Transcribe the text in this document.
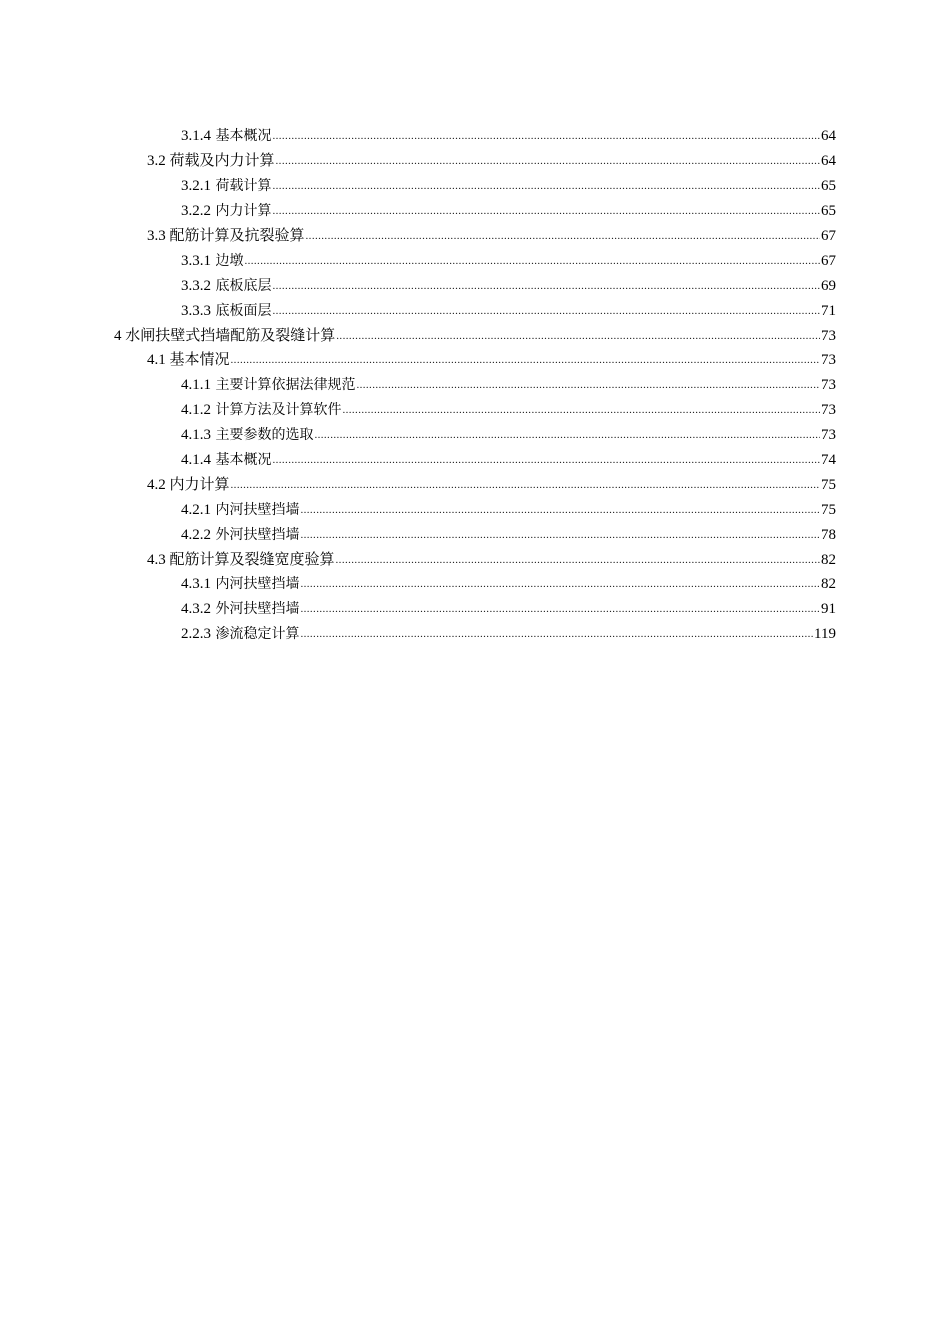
3.1.4 基本概况 .....	64
3.2 荷载及内力计算 .....	64
3.2.1 荷载计算 .....	65
3.2.2 内力计算 .....	65
3.3 配筋计算及抗裂验算 .....	67
3.3.1 边墩 .....	67
3.3.2 底板底层 .....	69
3.3.3 底板面层 .....	71
4 水闸扶壁式挡墙配筋及裂缝计算 .....	73
4.1 基本情况 .....	73
4.1.1 主要计算依据法律规范 .....	73
4.1.2 计算方法及计算软件 .....	73
4.1.3 主要参数的选取 .....	73
4.1.4 基本概况 .....	74
4.2 内力计算 .....	75
4.2.1 内河扶壁挡墙 .....	75
4.2.2 外河扶壁挡墙 .....	78
4.3 配筋计算及裂缝宽度验算 .....	82
4.3.1 内河扶壁挡墙 .....	82
4.3.2 外河扶壁挡墙 .....	91
2.2.3 渗流稳定计算 .....	119
